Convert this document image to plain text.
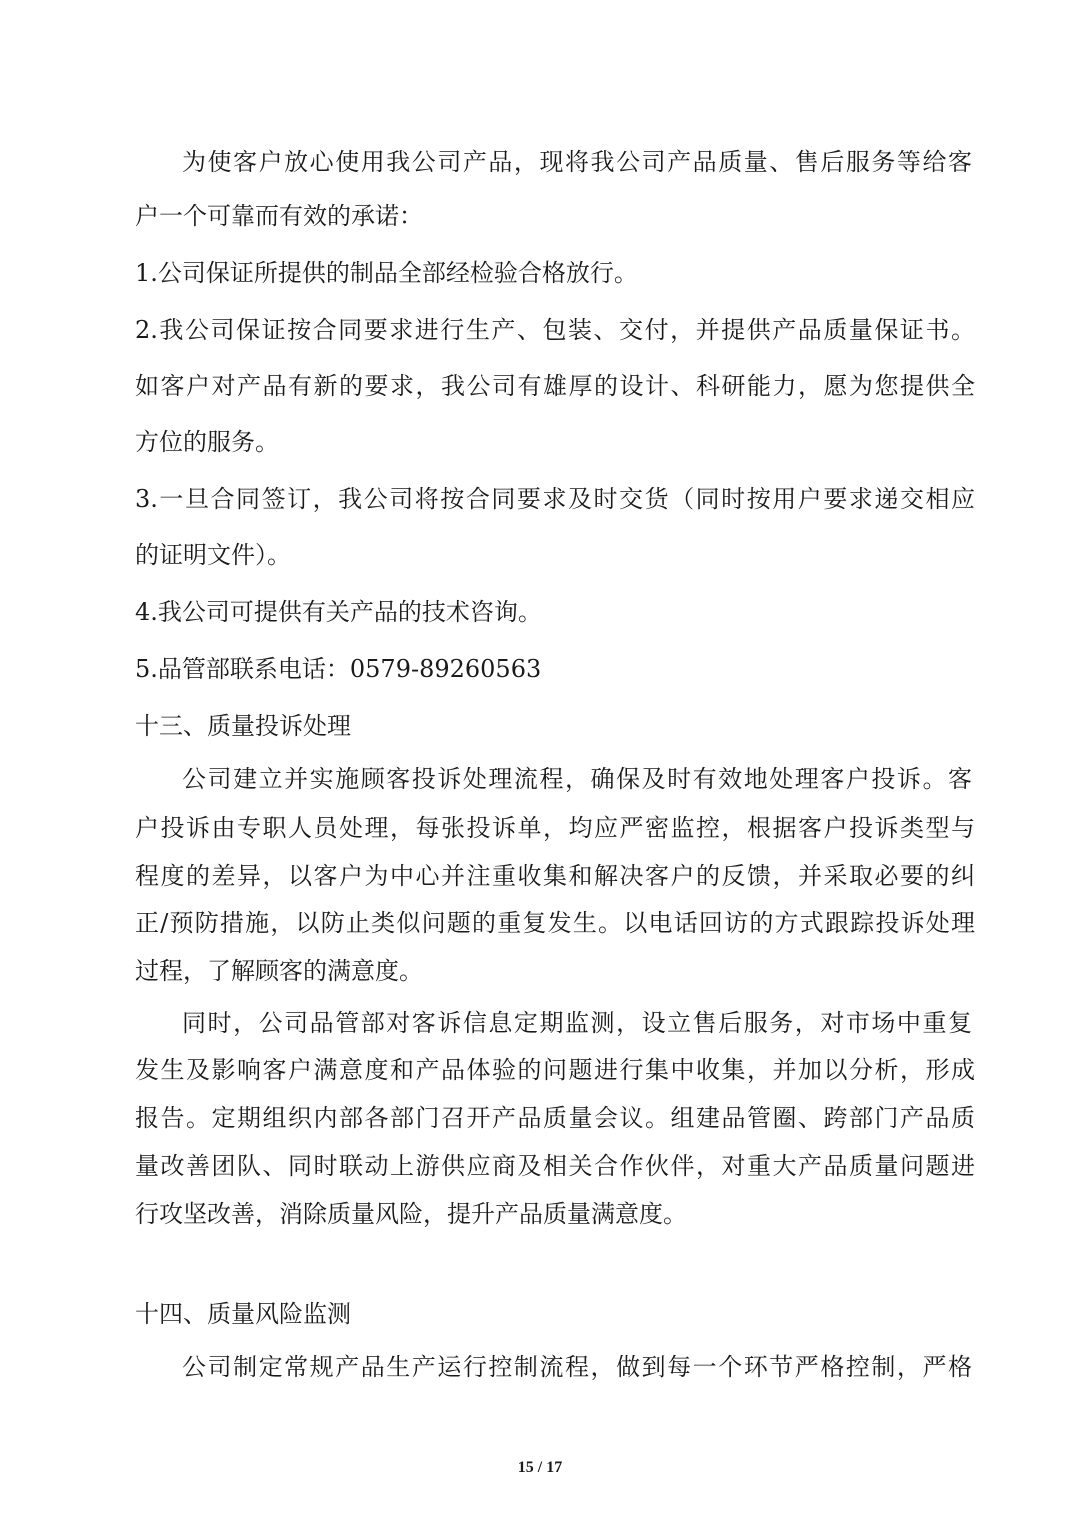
为使客户放心使用我公司产品，现将我公司产品质量、售后服务等给客
户一个可靠而有效的承诺：
1.公司保证所提供的制品全部经检验合格放行。
2.我公司保证按合同要求进行生产、包装、交付，并提供产品质量保证书。
如客户对产品有新的要求，我公司有雄厚的设计、科研能力，愿为您提供全
方位的服务。
3.一旦合同签订，我公司将按合同要求及时交货（同时按用户要求递交相应
的证明文件）。
4.我公司可提供有关产品的技术咨询。
5.品管部联系电话：0579-89260563
十三、质量投诉处理
公司建立并实施顾客投诉处理流程，确保及时有效地处理客户投诉。客
户投诉由专职人员处理，每张投诉单，均应严密监控，根据客户投诉类型与
程度的差异，以客户为中心并注重收集和解决客户的反馈，并采取必要的纠
正/预防措施，以防止类似问题的重复发生。以电话回访的方式跟踪投诉处理
过程，了解顾客的满意度。
同时，公司品管部对客诉信息定期监测，设立售后服务，对市场中重复
发生及影响客户满意度和产品体验的问题进行集中收集，并加以分析，形成
报告。定期组织内部各部门召开产品质量会议。组建品管圈、跨部门产品质
量改善团队、同时联动上游供应商及相关合作伙伴，对重大产品质量问题进
行攻坚改善，消除质量风险，提升产品质量满意度。
十四、质量风险监测
公司制定常规产品生产运行控制流程，做到每一个环节严格控制，严格
15 / 17
